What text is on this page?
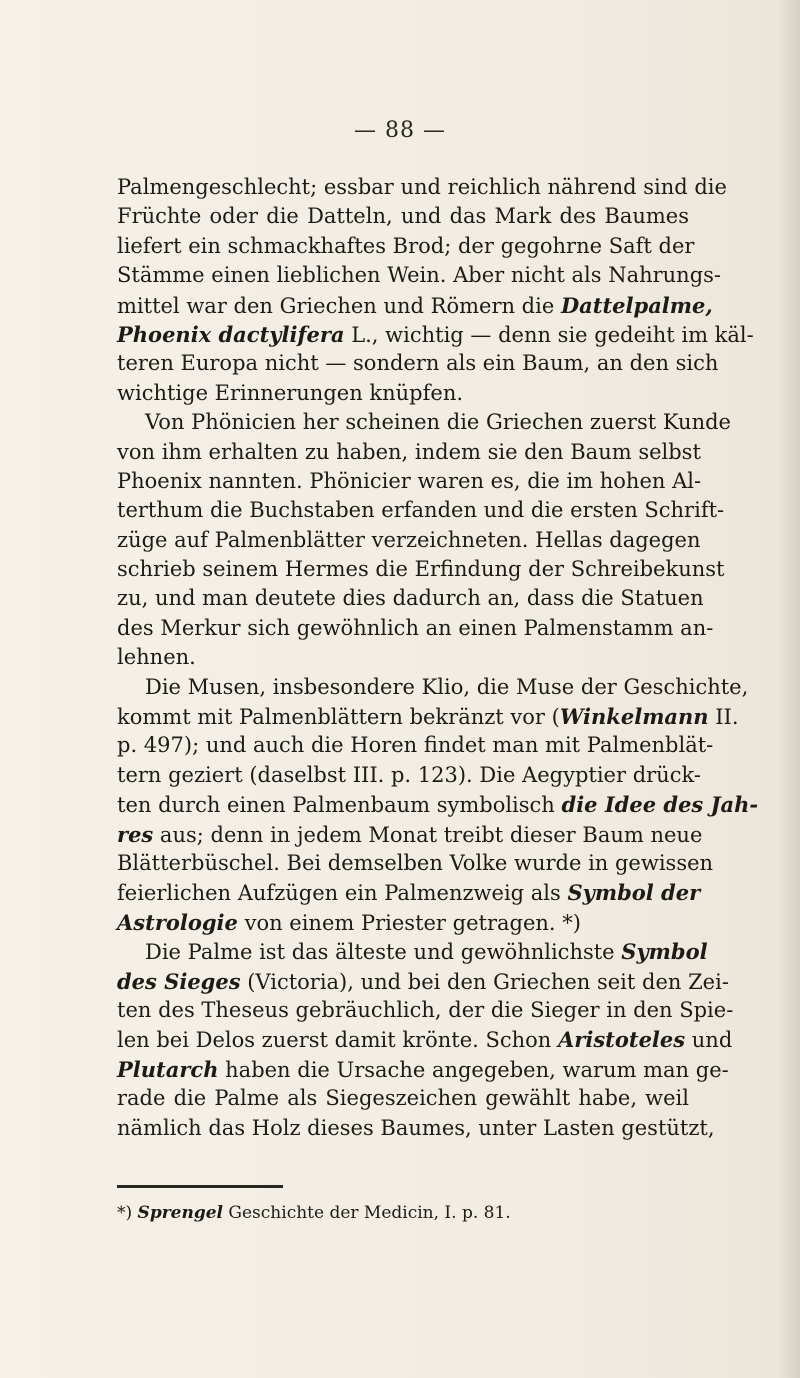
— 88 —
Palmengeschlecht; essbar und reichlich nährend sind die
Früchte oder die Datteln, und das Mark des Baumes
liefert ein schmackhaftes Brod; der gegohrne Saft der
Stämme einen lieblichen Wein. Aber nicht als Nahrungs-
mittel war den Griechen und Römern die Dattelpalme,
Phoenix dactylifera L., wichtig — denn sie gedeiht im käl-
teren Europa nicht — sondern als ein Baum, an den sich
wichtige Erinnerungen knüpfen.
Von Phönicien her scheinen die Griechen zuerst Kunde
von ihm erhalten zu haben, indem sie den Baum selbst
Phoenix nannten. Phönicier waren es, die im hohen Al-
terthum die Buchstaben erfanden und die ersten Schrift-
züge auf Palmenblätter verzeichneten. Hellas dagegen
schrieb seinem Hermes die Erfindung der Schreibekunst
zu, und man deutete dies dadurch an, dass die Statuen
des Merkur sich gewöhnlich an einen Palmenstamm an-
lehnen.
Die Musen, insbesondere Klio, die Muse der Geschichte,
kommt mit Palmenblättern bekränzt vor (Winkelmann II.
p. 497); und auch die Horen findet man mit Palmenblät-
tern geziert (daselbst III. p. 123). Die Aegyptier drück-
ten durch einen Palmenbaum symbolisch die Idee des Jah-
res aus; denn in jedem Monat treibt dieser Baum neue
Blätterbüschel. Bei demselben Volke wurde in gewissen
feierlichen Aufzügen ein Palmenzweig als Symbol der
Astrologie von einem Priester getragen. *)
Die Palme ist das älteste und gewöhnlichste Symbol
des Sieges (Victoria), und bei den Griechen seit den Zei-
ten des Theseus gebräuchlich, der die Sieger in den Spie-
len bei Delos zuerst damit krönte. Schon Aristoteles und
Plutarch haben die Ursache angegeben, warum man ge-
rade die Palme als Siegeszeichen gewählt habe, weil
nämlich das Holz dieses Baumes, unter Lasten gestützt,
*) Sprengel Geschichte der Medicin, I. p. 81.
